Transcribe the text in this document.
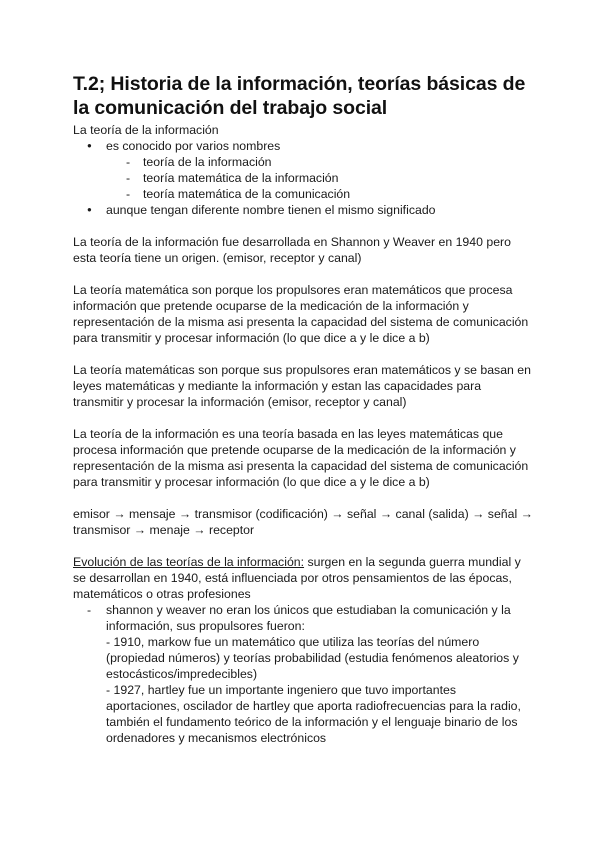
T.2; Historia de la información, teorías básicas de la comunicación del trabajo social

La teoría de la información

● es conocido por varios nombres
- teoría de la información
- teoría matemática de la información
- teoría matemática de la comunicación
● aunque tengan diferente nombre tienen el mismo significado

La teoría de la información fue desarrollada en Shannon y Weaver en 1940 pero esta teoría tiene un origen. (emisor, receptor y canal)

La teoría matemática son porque los propulsores eran matemáticos que procesa información que pretende ocuparse de la medicación de la información y representación de la misma asi presenta la capacidad del sistema de comunicación para transmitir y procesar información (lo que dice a y le dice a b)

La teoría matemáticas son porque sus propulsores eran matemáticos y se basan en leyes matemáticas y mediante la información y estan las capacidades para transmitir y procesar la información (emisor, receptor y canal)

La teoría de la información es una teoría basada en las leyes matemáticas que procesa información que pretende ocuparse de la medicación de la información y representación de la misma asi presenta la capacidad del sistema de comunicación para transmitir y procesar información (lo que dice a y le dice a b)

emisor → mensaje → transmisor (codificación) → señal → canal (salida) → señal → transmisor → menaje → receptor

Evolución de las teorías de la información: surgen en la segunda guerra mundial y se desarrollan en 1940, está influenciada por otros pensamientos de las épocas, matemáticos o otras profesiones

- shannon y weaver no eran los únicos que estudiaban la comunicación y la información, sus propulsores fueron:
- 1910, markow fue un matemático que utiliza las teorías del número (propiedad números) y teorías probabilidad (estudia fenómenos aleatorios y estocásticos/impredecibles)
- 1927, hartley fue un importante ingeniero que tuvo importantes aportaciones, oscilador de hartley que aporta radiofrecuencias para la radio, también el fundamento teórico de la información y el lenguaje binario de los ordenadores y mecanismos electrónicos
